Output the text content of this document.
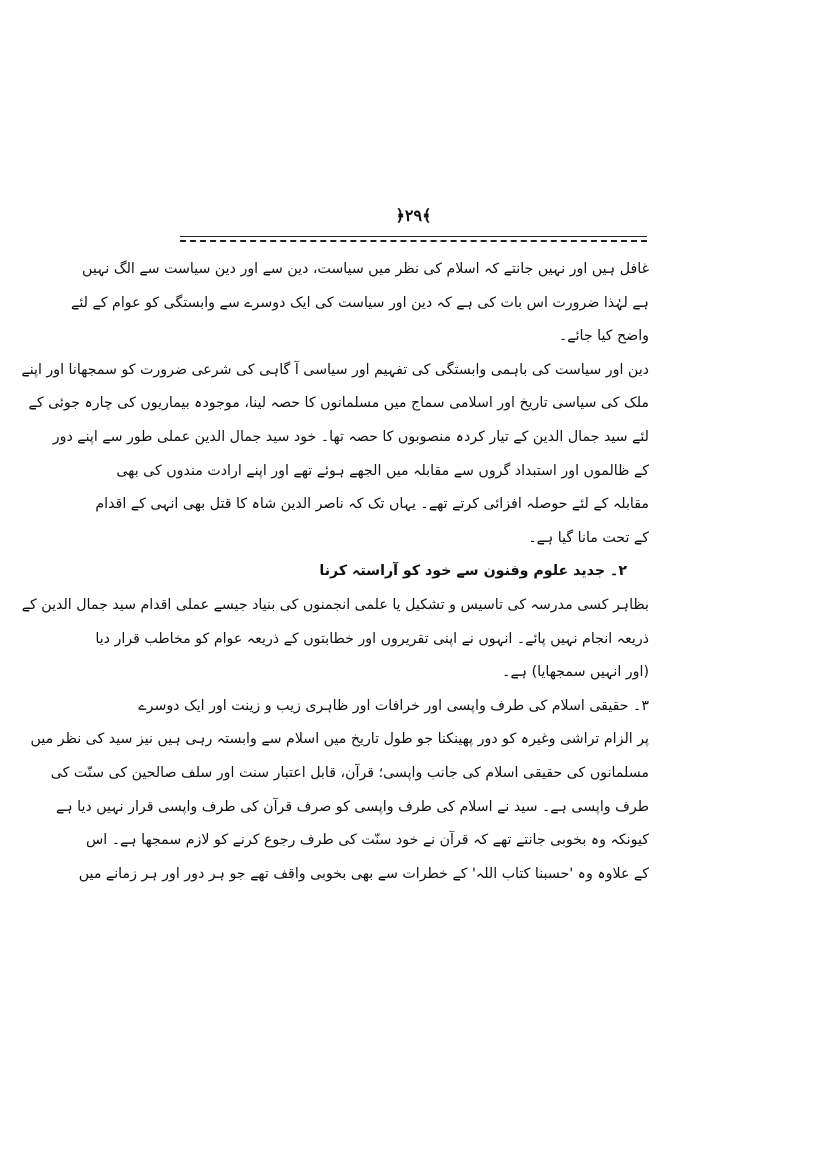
﴿٢٩﴾
غافل ہیں اور نہیں جانتے کہ اسلام کی نظر میں سیاست، دین سے اور دین سیاست سے الگ نہیں
ہے لہٰذا ضرورت اس بات کی ہے کہ دین اور سیاست کی ایک دوسرے سے وابستگی کو عوام کے لئے
واضح کیا جائے۔
دین اور سیاست کی باہمی وابستگی کی تفہیم اور سیاسی آ گاہی کی شرعی ضرورت کو سمجھانا اور اپنے
ملک کی سیاسی تاریخ اور اسلامی سماج میں مسلمانوں کا حصہ لینا، موجودہ بیماریوں کی چارہ جوئی کے
لئے سید جمال الدین کے تیار کردہ منصوبوں کا حصہ تھا۔ خود سید جمال الدین عملی طور سے اپنے دور
کے ظالموں اور استبداد گروں سے مقابلہ میں الجھے ہوئے تھے اور اپنے ارادت مندوں کی بھی
مقابلہ کے لئے حوصلہ افزائی کرتے تھے۔ یہاں تک کہ ناصر الدین شاہ کا قتل بھی انہی کے اقدام
کے تحت مانا گیا ہے۔
٢۔ جدید علوم وفنون سے خود کو آراستہ کرنا
بظاہر کسی مدرسہ کی تاسیس و تشکیل یا علمی انجمنوں کی بنیاد جیسے عملی اقدام سید جمال الدین کے
ذریعہ انجام نہیں پائے۔ انہوں نے اپنی تقریروں اور خطابتوں کے ذریعہ عوام کو مخاطب قرار دیا
(اور انہیں سمجھایا) ہے۔
٣۔ حقیقی اسلام کی طرف واپسی اور خرافات اور ظاہری زیب و زینت اور ایک دوسرے
پر الزام تراشی وغیرہ کو دور پھینکنا جو طول تاریخ میں اسلام سے وابستہ رہی ہیں نیز سید کی نظر میں
مسلمانوں کی حقیقی اسلام کی جانب واپسی؛ قرآن، قابل اعتبار سنت اور سلف صالحین کی سنّت کی
طرف واپسی ہے۔ سید نے اسلام کی طرف واپسی کو صرف قرآن کی طرف واپسی قرار نہیں دیا ہے
کیونکہ وہ بخوبی جانتے تھے کہ قرآن نے خود سنّت کی طرف رجوع کرنے کو لازم سمجھا ہے۔ اس
کے علاوہ وہ 'حسبنا کتاب اللہ' کے خطرات سے بھی بخوبی واقف تھے جو ہر دور اور ہر زمانے میں
